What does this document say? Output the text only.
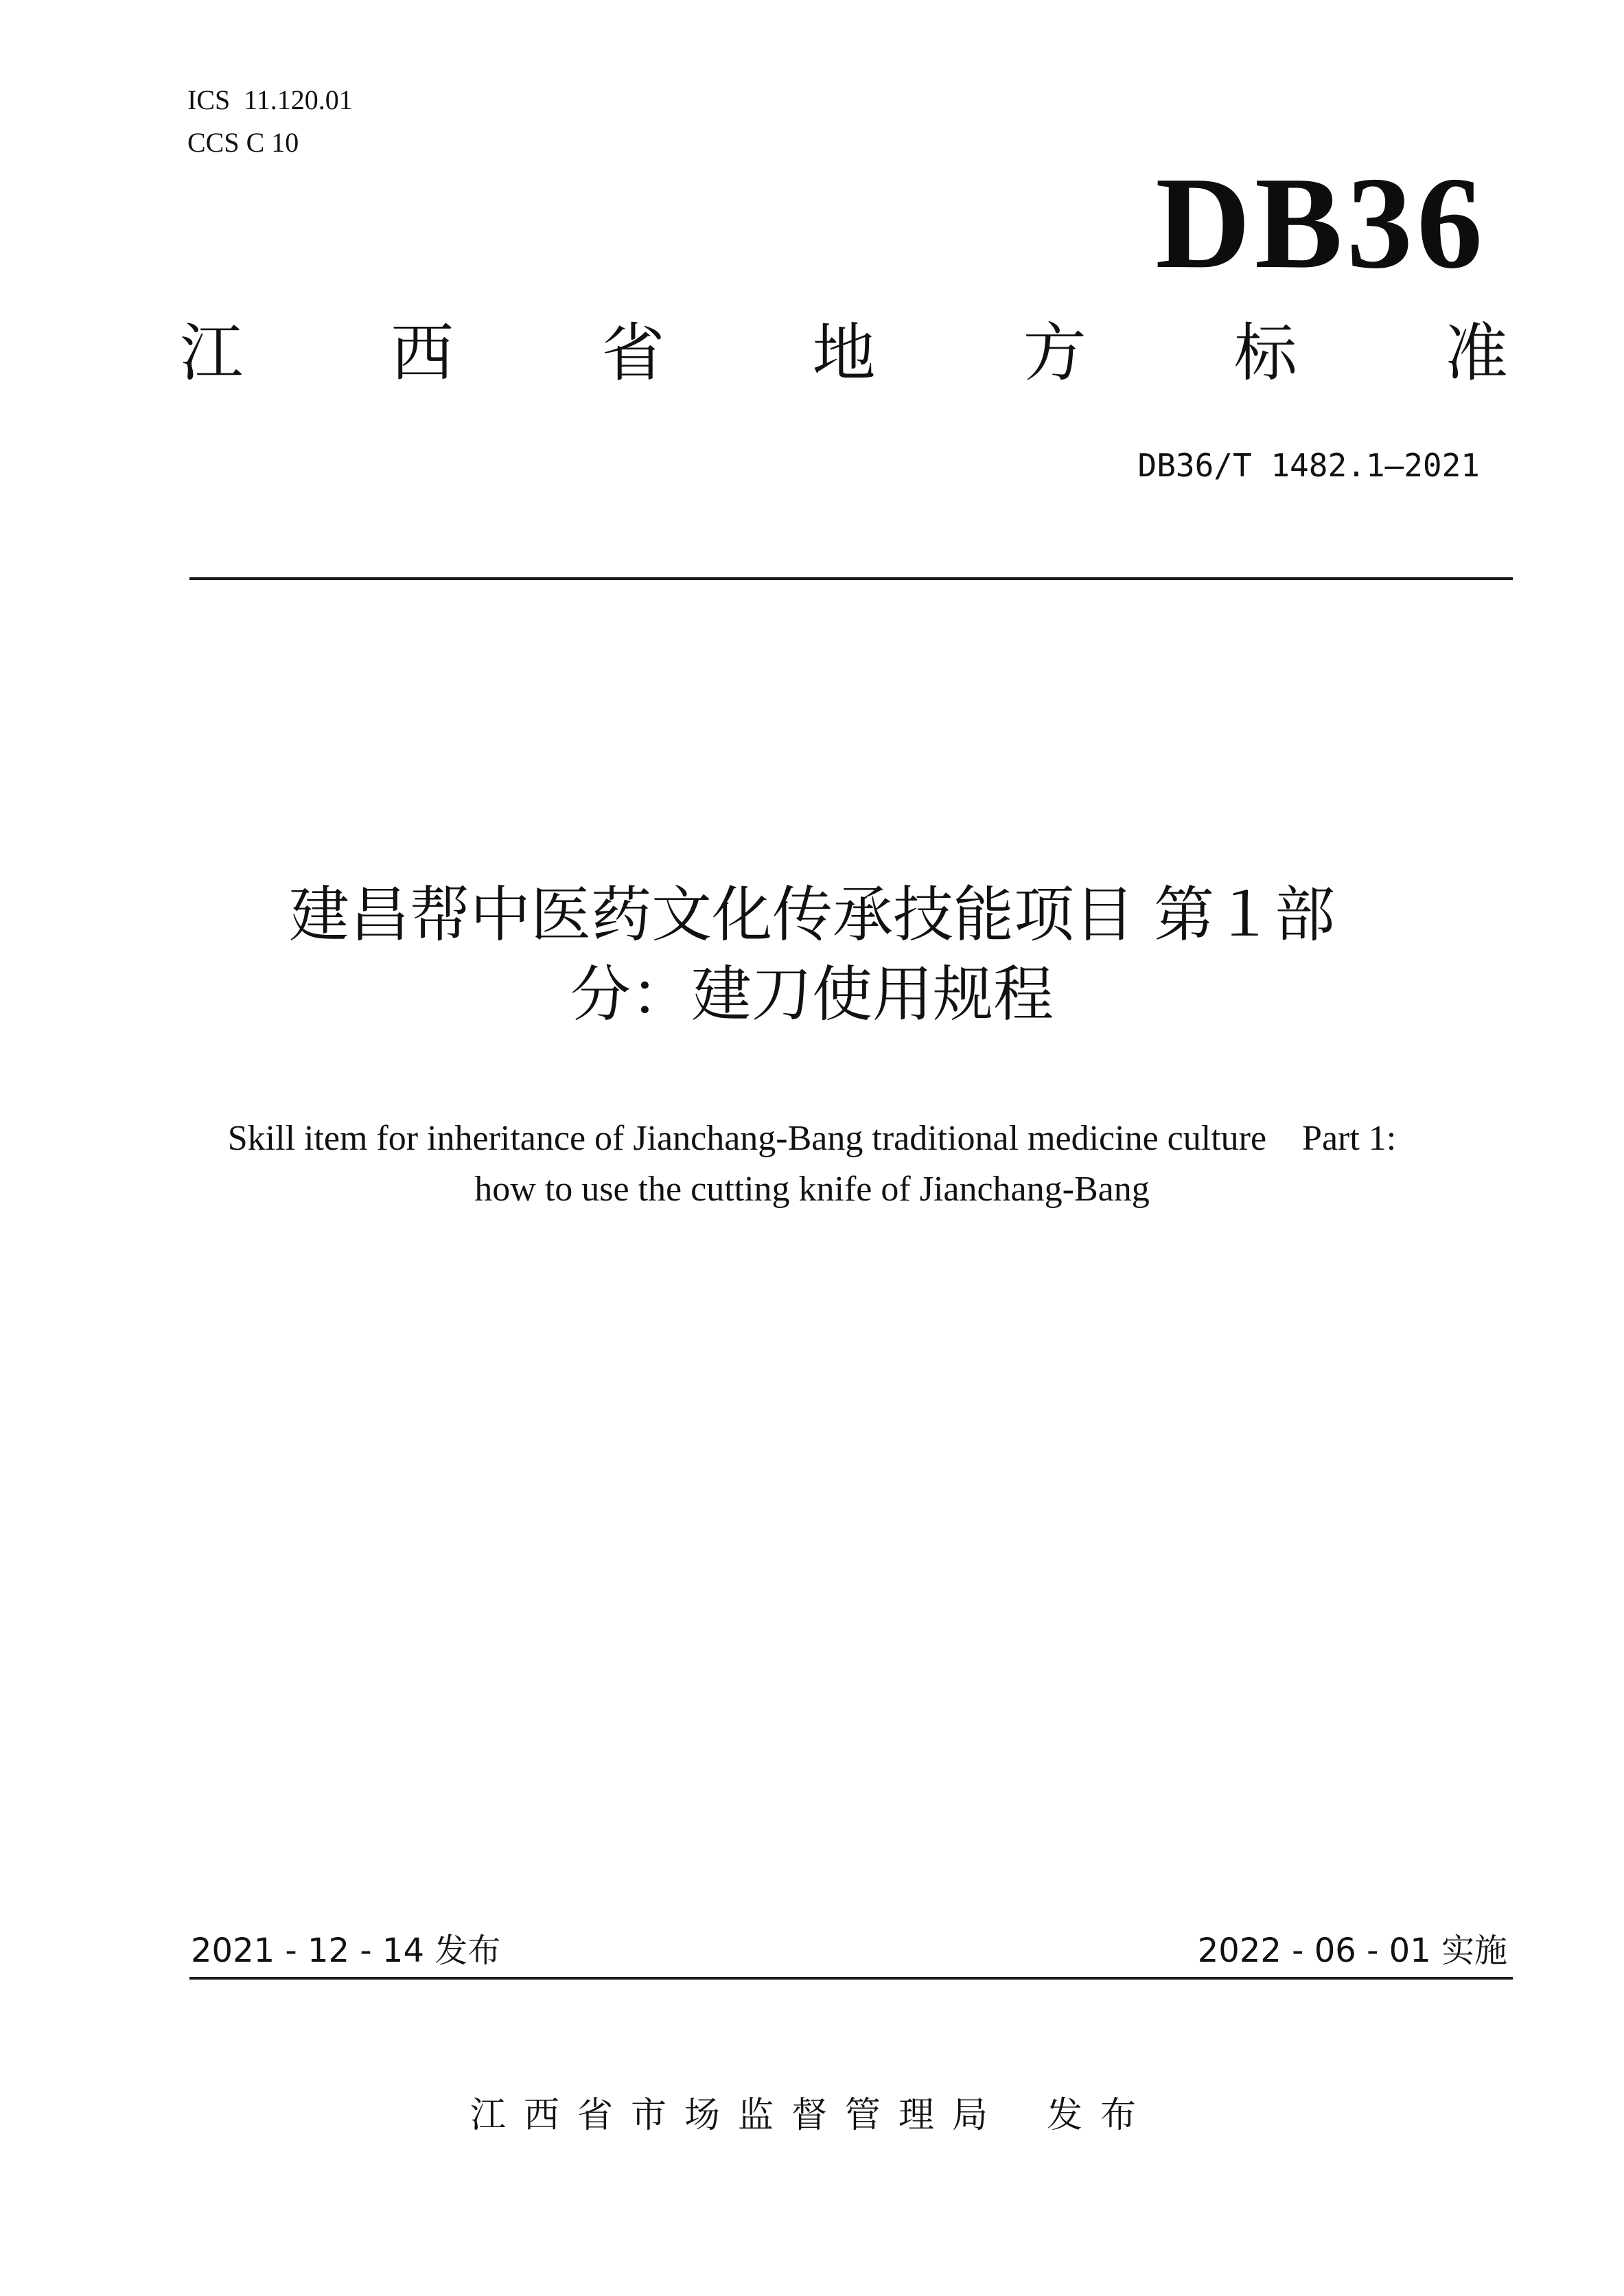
ICS  11.120.01
CCS C 10
DB36
江 西 省 地 方 标 准
DB36/T 1482.1—2021
建昌帮中医药文化传承技能项目 第１部
分：建刀使用规程
Skill item for inheritance of Jianchang-Bang traditional medicine culture    Part 1:
how to use the cutting knife of Jianchang-Bang
2021 - 12 - 14 发布	2022 - 06 - 01 实施
江西省市场监督管理局 发布
